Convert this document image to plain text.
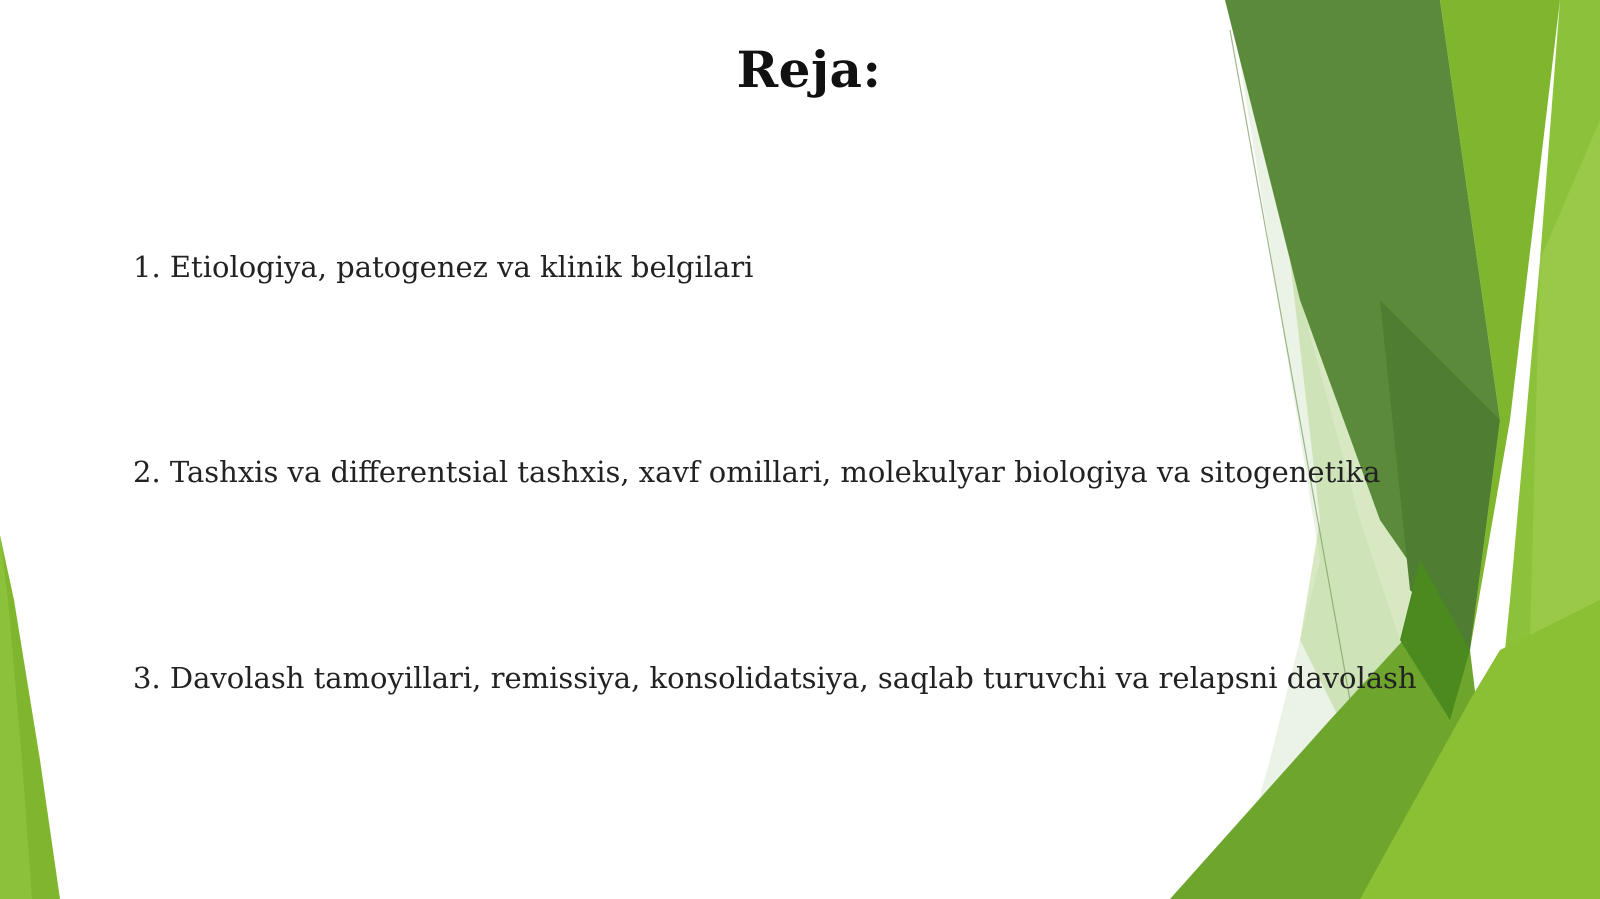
Reja:
1. Etiologiya, patogenez va klinik belgilari
2. Tashxis va differentsial tashxis, xavf omillari, molekulyar biologiya va sitogenetika
3. Davolash tamoyillari, remissiya, konsolidatsiya, saqlab turuvchi va relapsni davolash
